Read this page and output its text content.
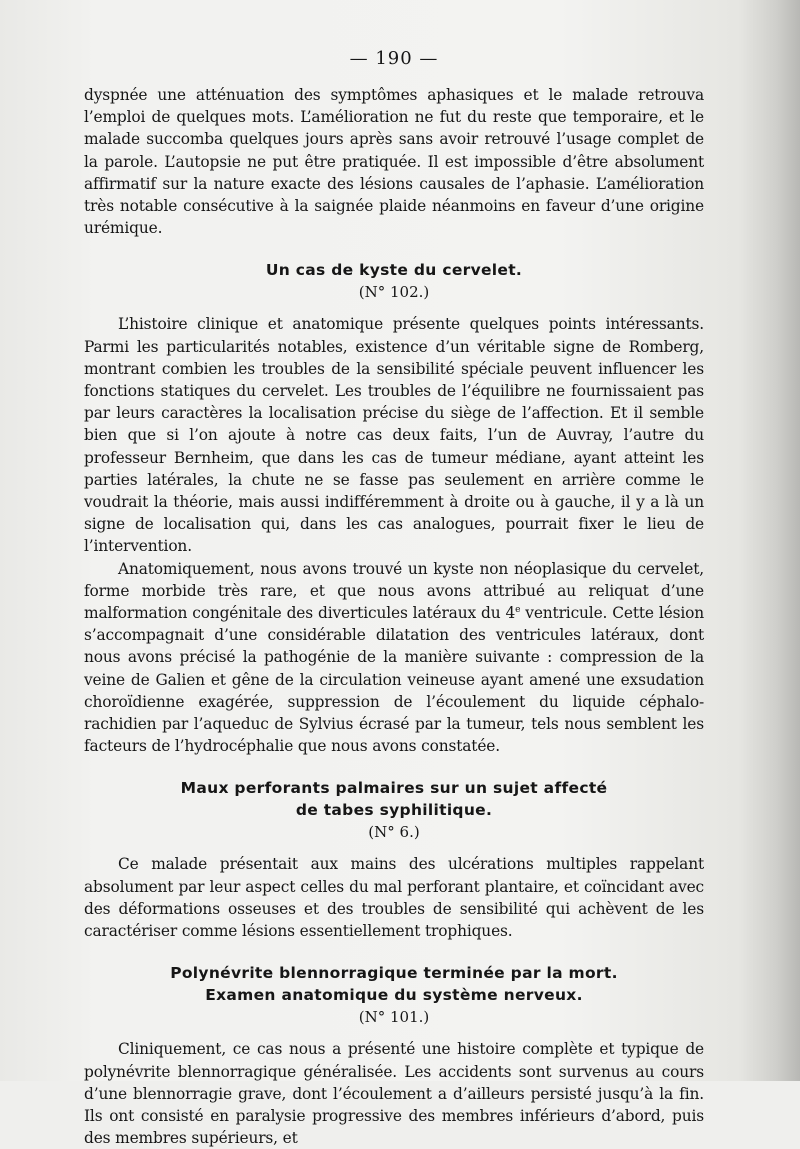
— 190 —

dyspnée une atténuation des symptômes aphasiques et le malade retrouva l’emploi de quelques mots. L’amélioration ne fut du reste que temporaire, et le malade succomba quelques jours après sans avoir retrouvé l’usage complet de la parole. L’autopsie ne put être pratiquée. Il est impossible d’être absolument affirmatif sur la nature exacte des lésions causales de l’aphasie. L’amélioration très notable consécutive à la saignée plaide néanmoins en faveur d’une origine urémique.

Un cas de kyste du cervelet.
(N° 102.)

L’histoire clinique et anatomique présente quelques points intéressants. Parmi les particularités notables, existence d’un véritable signe de Romberg, montrant combien les troubles de la sensibilité spéciale peuvent influencer les fonctions statiques du cervelet. Les troubles de l’équilibre ne fournissaient pas par leurs caractères la localisation précise du siège de l’affection. Et il semble bien que si l’on ajoute à notre cas deux faits, l’un de Auvray, l’autre du professeur Bernheim, que dans les cas de tumeur médiane, ayant atteint les parties latérales, la chute ne se fasse pas seulement en arrière comme le voudrait la théorie, mais aussi indifféremment à droite ou à gauche, il y a là un signe de localisation qui, dans les cas analogues, pourrait fixer le lieu de l’intervention.

Anatomiquement, nous avons trouvé un kyste non néoplasique du cervelet, forme morbide très rare, et que nous avons attribué au reliquat d’une malformation congénitale des diverticules latéraux du 4e ventricule. Cette lésion s’accompagnait d’une considérable dilatation des ventricules latéraux, dont nous avons précisé la pathogénie de la manière suivante : compression de la veine de Galien et gêne de la circulation veineuse ayant amené une exsudation choroïdienne exagérée, suppression de l’écoulement du liquide céphalo-rachidien par l’aqueduc de Sylvius écrasé par la tumeur, tels nous semblent les facteurs de l’hydrocéphalie que nous avons constatée.

Maux perforants palmaires sur un sujet affecté
de tabes syphilitique.
(N° 6.)

Ce malade présentait aux mains des ulcérations multiples rappelant absolument par leur aspect celles du mal perforant plantaire, et coïncidant avec des déformations osseuses et des troubles de sensibilité qui achèvent de les caractériser comme lésions essentiellement trophiques.

Polynévrite blennorragique terminée par la mort.
Examen anatomique du système nerveux.
(N° 101.)

Cliniquement, ce cas nous a présenté une histoire complète et typique de polynévrite blennorragique généralisée. Les accidents sont survenus au cours d’une blennorragie grave, dont l’écoulement a d’ailleurs persisté jusqu’à la fin. Ils ont consisté en paralysie progressive des membres inférieurs d’abord, puis des membres supérieurs, et
